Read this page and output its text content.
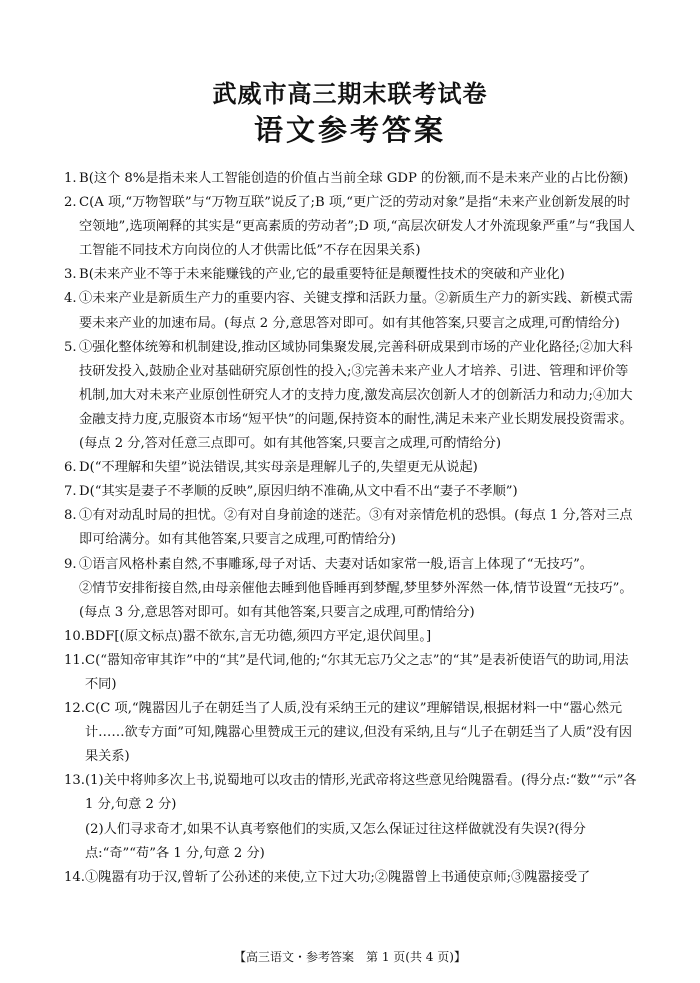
武威市高三期末联考试卷
语文参考答案
1. B(这个 8%是指未来人工智能创造的价值占当前全球 GDP 的份额,而不是未来产业的占比份额)
2. C(A 项,“万物智联”与“万物互联”说反了;B 项,“更广泛的劳动对象”是指“未来产业创新发展的时空领地”,选项阐释的其实是“更高素质的劳动者”;D 项,“高层次研发人才外流现象严重”与“我国人工智能不同技术方向岗位的人才供需比低”不存在因果关系)
3. B(未来产业不等于未来能赚钱的产业,它的最重要特征是颠覆性技术的突破和产业化)
4. ①未来产业是新质生产力的重要内容、关键支撑和活跃力量。②新质生产力的新实践、新模式需要未来产业的加速布局。(每点 2 分,意思答对即可。如有其他答案,只要言之成理,可酌情给分)
5. ①强化整体统筹和机制建设,推动区域协同集聚发展,完善科研成果到市场的产业化路径;②加大科技研发投入,鼓励企业对基础研究原创性的投入;③完善未来产业人才培养、引进、管理和评价等机制,加大对未来产业原创性研究人才的支持力度,激发高层次创新人才的创新活力和动力;④加大金融支持力度,克服资本市场“短平快”的问题,保持资本的耐性,满足未来产业长期发展投资需求。(每点 2 分,答对任意三点即可。如有其他答案,只要言之成理,可酌情给分)
6. D(“不理解和失望”说法错误,其实母亲是理解儿子的,失望更无从说起)
7. D(“其实是妻子不孝顺的反映”,原因归纳不准确,从文中看不出“妻子不孝顺”)
8. ①有对动乱时局的担忧。②有对自身前途的迷茫。③有对亲情危机的恐惧。(每点 1 分,答对三点即可给满分。如有其他答案,只要言之成理,可酌情给分)
9. ①语言风格朴素自然,不事雕琢,母子对话、夫妻对话如家常一般,语言上体现了“无技巧”。
②情节安排衔接自然,由母亲催他去睡到他昏睡再到梦醒,梦里梦外浑然一体,情节设置“无技巧”。(每点 3 分,意思答对即可。如有其他答案,只要言之成理,可酌情给分)
10. BDF[(原文标点)嚣不欲东,言无功德,须四方平定,退伏闾里。]
11. C(“嚣知帝审其诈”中的“其”是代词,他的;“尔其无忘乃父之志”的“其”是表祈使语气的助词,用法不同)
12. C(C 项,“隗嚣因儿子在朝廷当了人质,没有采纳王元的建议”理解错误,根据材料一中“嚣心然元计……欲专方面”可知,隗嚣心里赞成王元的建议,但没有采纳,且与“儿子在朝廷当了人质”没有因果关系)
13. (1)关中将帅多次上书,说蜀地可以攻击的情形,光武帝将这些意见给隗嚣看。(得分点:“数”“示”各 1 分,句意 2 分)
(2)人们寻求奇才,如果不认真考察他们的实质,又怎么保证过往这样做就没有失误?(得分点:“奇”“苟”各 1 分,句意 2 分)
14. ①隗嚣有功于汉,曾斩了公孙述的来使,立下过大功;②隗嚣曾上书通使京师;③隗嚣接受了
【高三语文・参考答案　第 1 页(共 4 页)】
